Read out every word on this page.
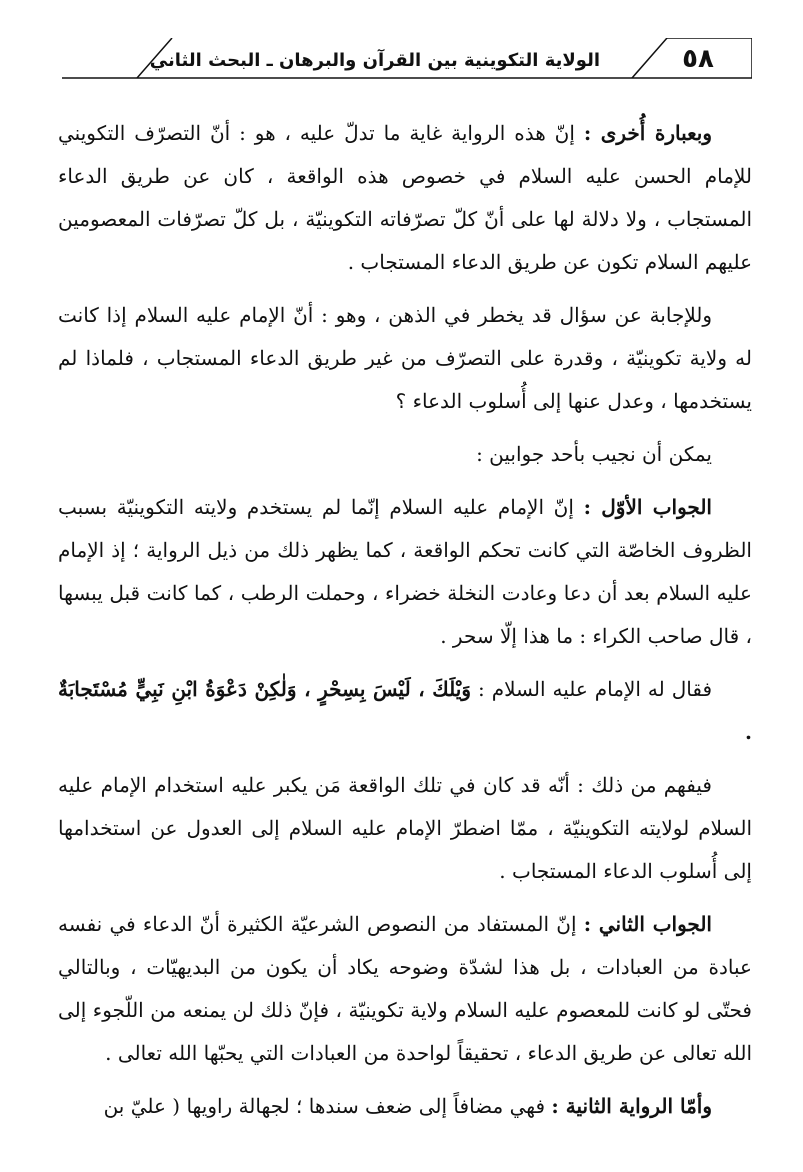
٥٨
الولاية التكوينية بين القرآن والبرهان ـ البحث الثاني

وبعبارة أُخرى : إنّ هذه الرواية غاية ما تدلّ عليه ، هو : أنّ التصرّف التكويني للإمام الحسن عليه السلام في خصوص هذه الواقعة ، كان عن طريق الدعاء المستجاب ، ولا دلالة لها على أنّ كلّ تصرّفاته التكوينيّة ، بل كلّ تصرّفات المعصومين عليهم السلام تكون عن طريق الدعاء المستجاب .

وللإجابة عن سؤال قد يخطر في الذهن ، وهو : أنّ الإمام عليه السلام إذا كانت له ولاية تكوينيّة ، وقدرة على التصرّف من غير طريق الدعاء المستجاب ، فلماذا لم يستخدمها ، وعدل عنها إلى أُسلوب الدعاء ؟

يمكن أن نجيب بأحد جوابين :

الجواب الأوّل : إنّ الإمام عليه السلام إنّما لم يستخدم ولايته التكوينيّة بسبب الظروف الخاصّة التي كانت تحكم الواقعة ، كما يظهر ذلك من ذيل الرواية ؛ إذ الإمام عليه السلام بعد أن دعا وعادت النخلة خضراء ، وحملت الرطب ، كما كانت قبل يبسها ، قال صاحب الكراء : ما هذا إلّا سحر .

فقال له الإمام عليه السلام : وَيْلَكَ ، لَيْسَ بِسِحْرٍ ، وَلٰكِنْ دَعْوَةُ ابْنِ نَبِيٍّ مُسْتَجابَةٌ .

فيفهم من ذلك : أنّه قد كان في تلك الواقعة مَن يكبر عليه استخدام الإمام عليه السلام لولايته التكوينيّة ، ممّا اضطرّ الإمام عليه السلام إلى العدول عن استخدامها إلى أُسلوب الدعاء المستجاب .

الجواب الثاني : إنّ المستفاد من النصوص الشرعيّة الكثيرة أنّ الدعاء في نفسه عبادة من العبادات ، بل هذا لشدّة وضوحه يكاد أن يكون من البديهيّات ، وبالتالي فحتّى لو كانت للمعصوم عليه السلام ولاية تكوينيّة ، فإنّ ذلك لن يمنعه من اللّجوء إلى الله تعالى عن طريق الدعاء ، تحقيقاً لواحدة من العبادات التي يحبّها الله تعالى .

وأمّا الرواية الثانية : فهي مضافاً إلى ضعف سندها ؛ لجهالة راويها ( عليّ بن
